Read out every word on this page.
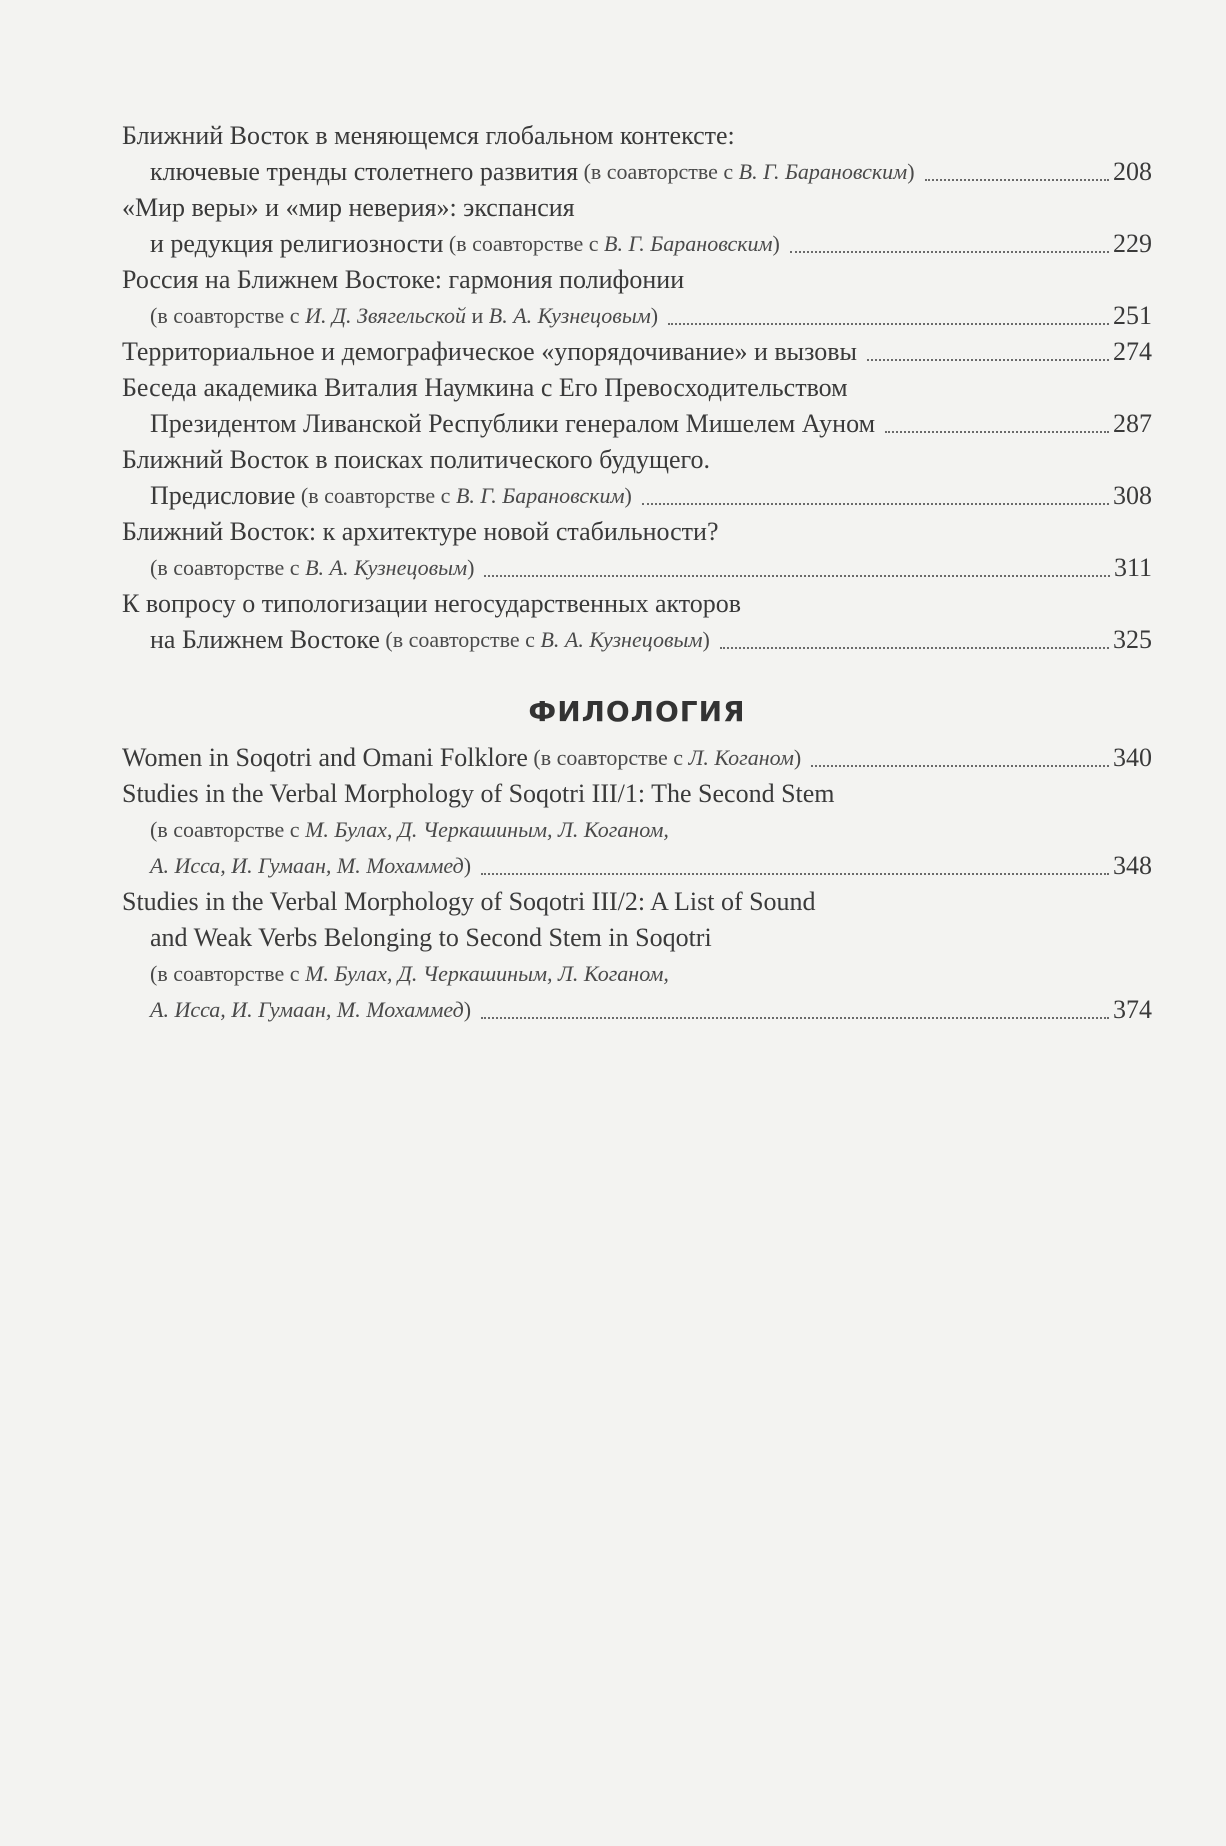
Ближний Восток в меняющемся глобальном контексте:
ключевые тренды столетнего развития (в соавторстве с В. Г. Барановским)	208
«Мир веры» и «мир неверия»: экспансия
и редукция религиозности (в соавторстве с В. Г. Барановским)	229
Россия на Ближнем Востоке: гармония полифонии
(в соавторстве с И. Д. Звягельской и В. А. Кузнецовым)	251
Территориальное и демографическое «упорядочивание» и вызовы	274
Беседа академика Виталия Наумкина с Его Превосходительством
Президентом Ливанской Республики генералом Мишелем Ауном	287
Ближний Восток в поисках политического будущего.
Предисловие (в соавторстве с В. Г. Барановским)	308
Ближний Восток: к архитектуре новой стабильности?
(в соавторстве с В. А. Кузнецовым)	311
К вопросу о типологизации негосударственных акторов
на Ближнем Востоке (в соавторстве с В. А. Кузнецовым)	325
ФИЛОЛОГИЯ
Women in Soqotri and Omani Folklore (в соавторстве с Л. Коганом)	340
Studies in the Verbal Morphology of Soqotri III/1: The Second Stem
(в соавторстве с М. Булах, Д. Черкашиным, Л. Коганом,
А. Исса, И. Гумаан, М. Мохаммед)	348
Studies in the Verbal Morphology of Soqotri III/2: A List of Sound
and Weak Verbs Belonging to Second Stem in Soqotri
(в соавторстве с М. Булах, Д. Черкашиным, Л. Коганом,
А. Исса, И. Гумаан, М. Мохаммед)	374
